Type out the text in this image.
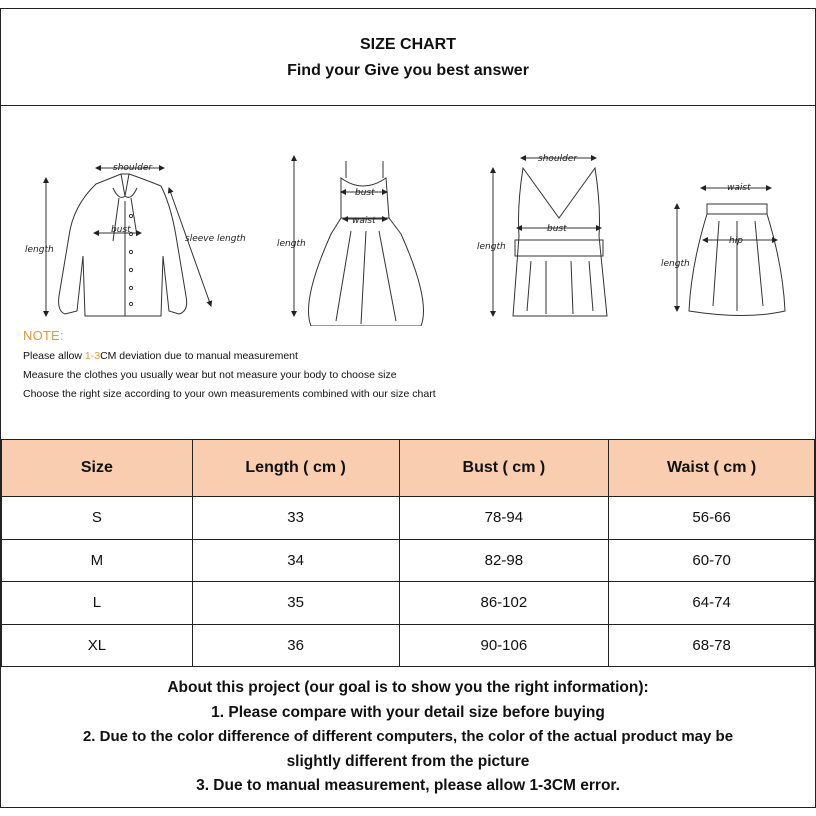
SIZE CHART
Find your Give you best answer
shoulder
bust
length
sleeve length
bust
waist
length
shoulder
bust
length
waist
hip
length
NOTE:
Please allow 1-3CM deviation due to manual measurement
Measure the clothes you usually wear but not measure your body to choose size
Choose the right size according to your own measurements combined with our size chart
Size	Length ( cm )	Bust ( cm )	Waist ( cm )
S	33	78-94	56-66
M	34	82-98	60-70
L	35	86-102	64-74
XL	36	90-106	68-78
About this project (our goal is to show you the right information):
1. Please compare with your detail size before buying
2. Due to the color difference of different computers, the color of the actual product may be
slightly different from the picture
3. Due to manual measurement, please allow 1-3CM error.
